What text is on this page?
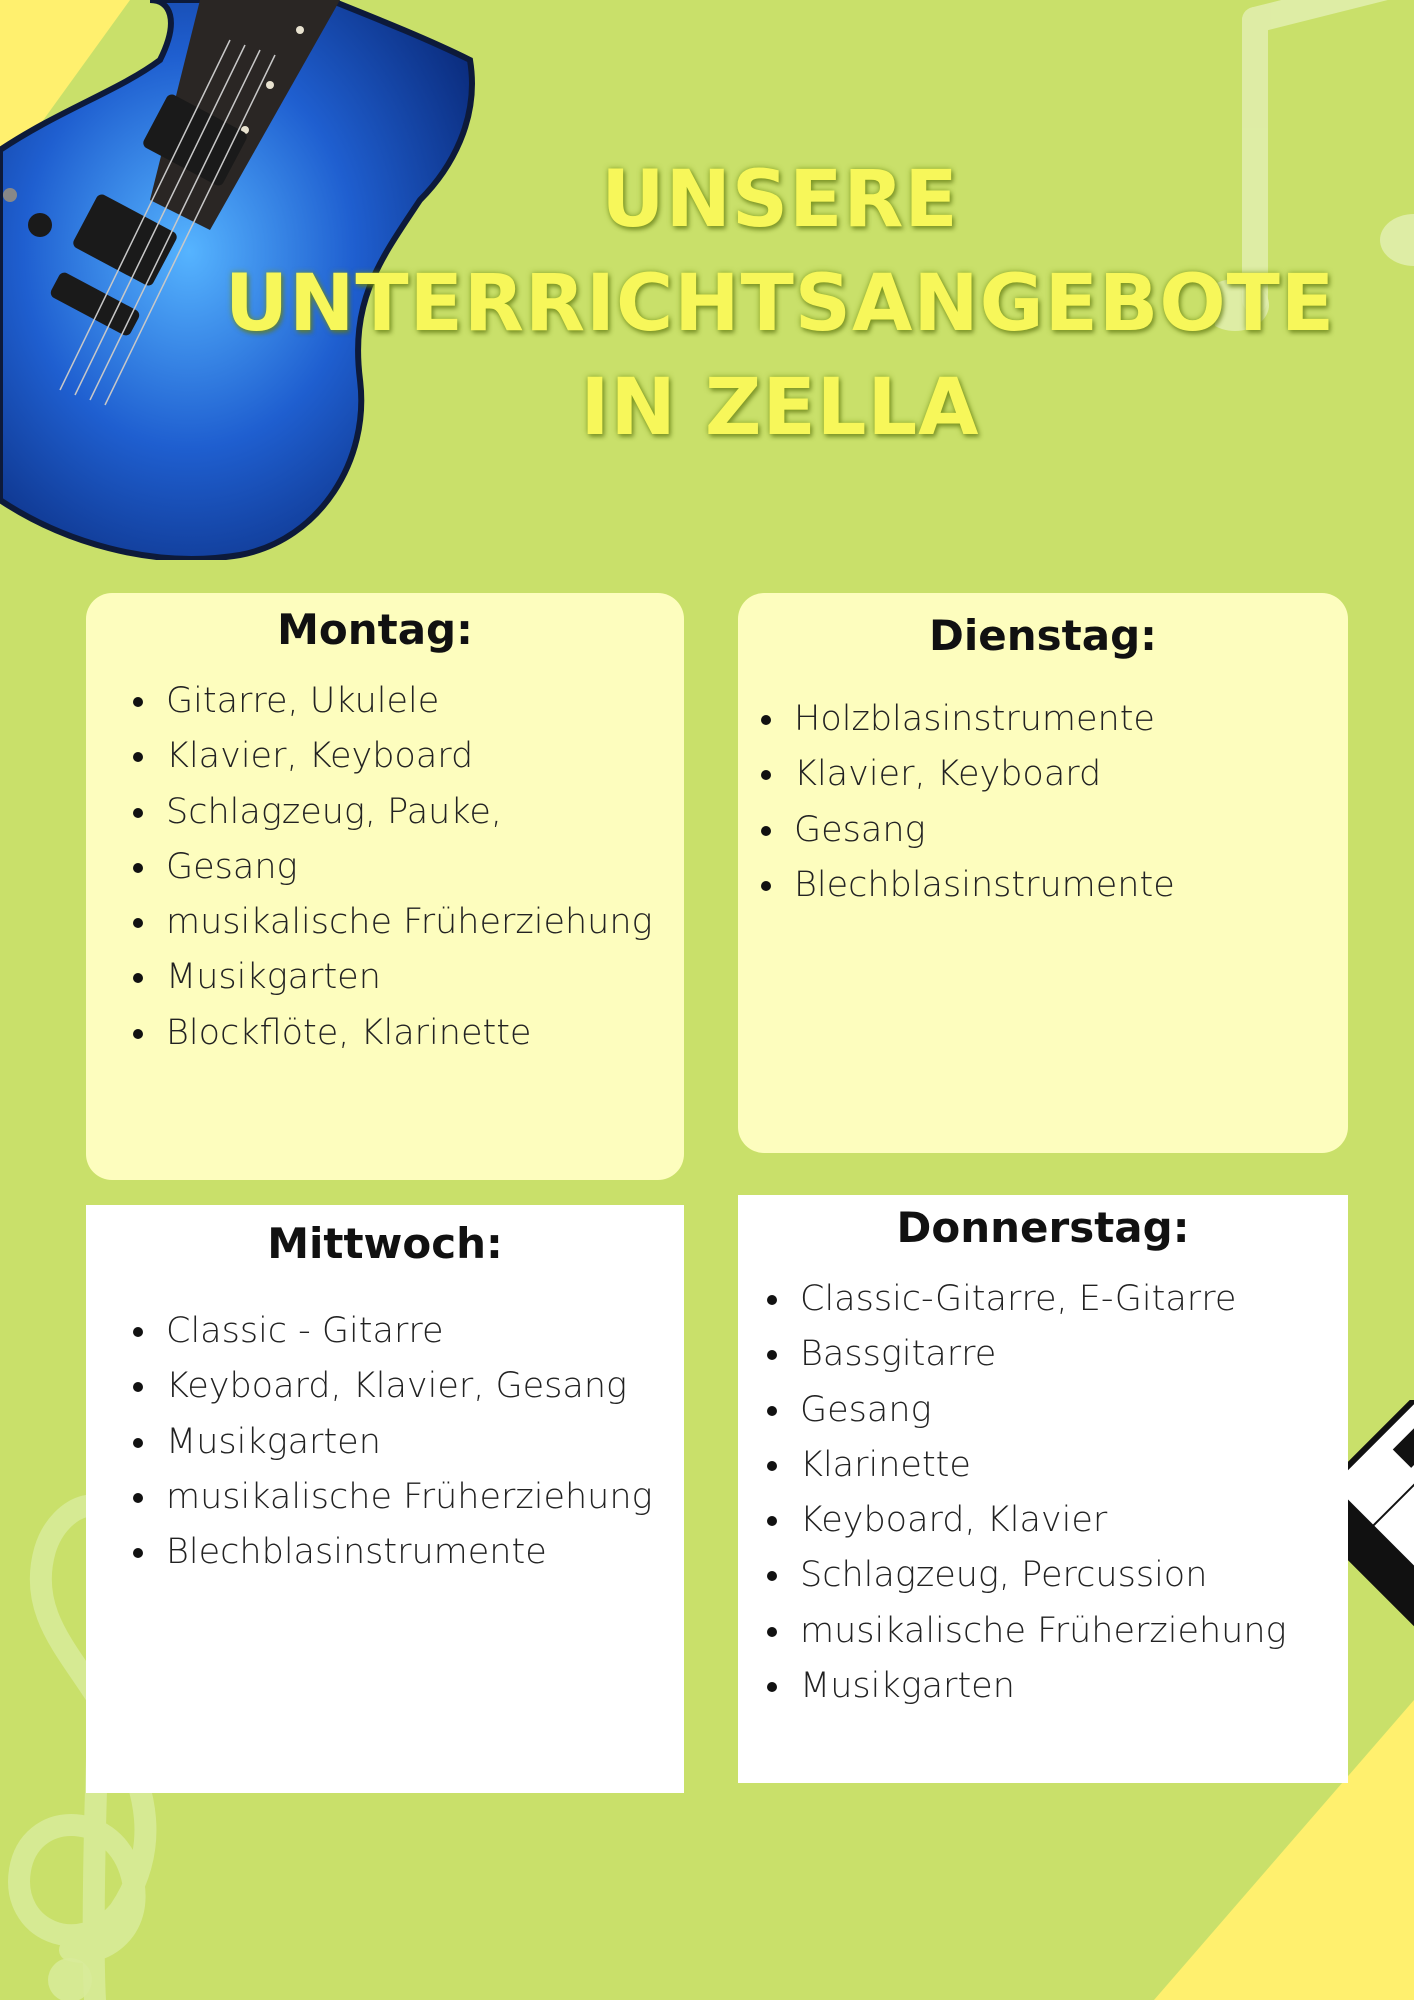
UNSERE
UNTERRICHTSANGEBOTE
IN ZELLA
Montag:
• Gitarre, Ukulele
• Klavier, Keyboard
• Schlagzeug, Pauke,
• Gesang
• musikalische Früherziehung
• Musikgarten
• Blockflöte, Klarinette
Dienstag:
• Holzblasinstrumente
• Klavier, Keyboard
• Gesang
• Blechblasinstrumente
Mittwoch:
• Classic - Gitarre
• Keyboard, Klavier, Gesang
• Musikgarten
• musikalische Früherziehung
• Blechblasinstrumente
Donnerstag:
• Classic-Gitarre, E-Gitarre
• Bassgitarre
• Gesang
• Klarinette
• Keyboard, Klavier
• Schlagzeug, Percussion
• musikalische Früherziehung
• Musikgarten
